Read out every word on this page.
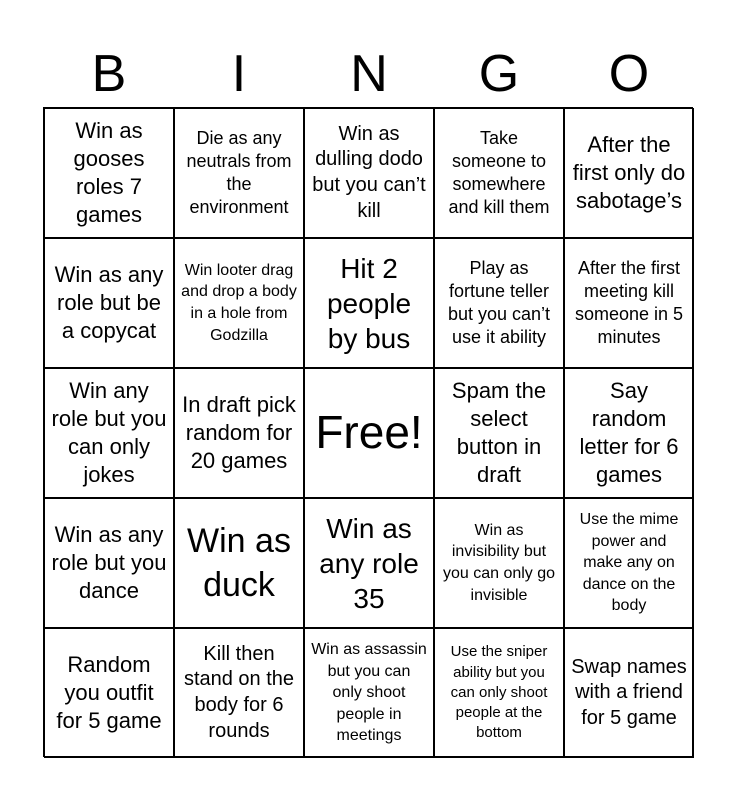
B	I	N	G	O
Win as gooses roles 7 games
Die as any neutrals from the environment
Win as dulling dodo but you can’t kill
Take someone to somewhere and kill them
After the first only do sabotage’s
Win as any role but be a copycat
Win looter drag and drop a body in a hole from Godzilla
Hit 2 people by bus
Play as fortune teller but you can’t use it ability
After the first meeting kill someone in 5 minutes
Win any role but you can only jokes
In draft pick random for 20 games
Free!
Spam the select button in draft
Say random letter for 6 games
Win as any role but you dance
Win as duck
Win as any role 35
Win as invisibility but you can only go invisible
Use the mime power and make any on dance on the body
Random you outfit for 5 game
Kill then stand on the body for 6 rounds
Win as assassin but you can only shoot people in meetings
Use the sniper ability but you can only shoot people at the bottom
Swap names with a friend for 5 game
